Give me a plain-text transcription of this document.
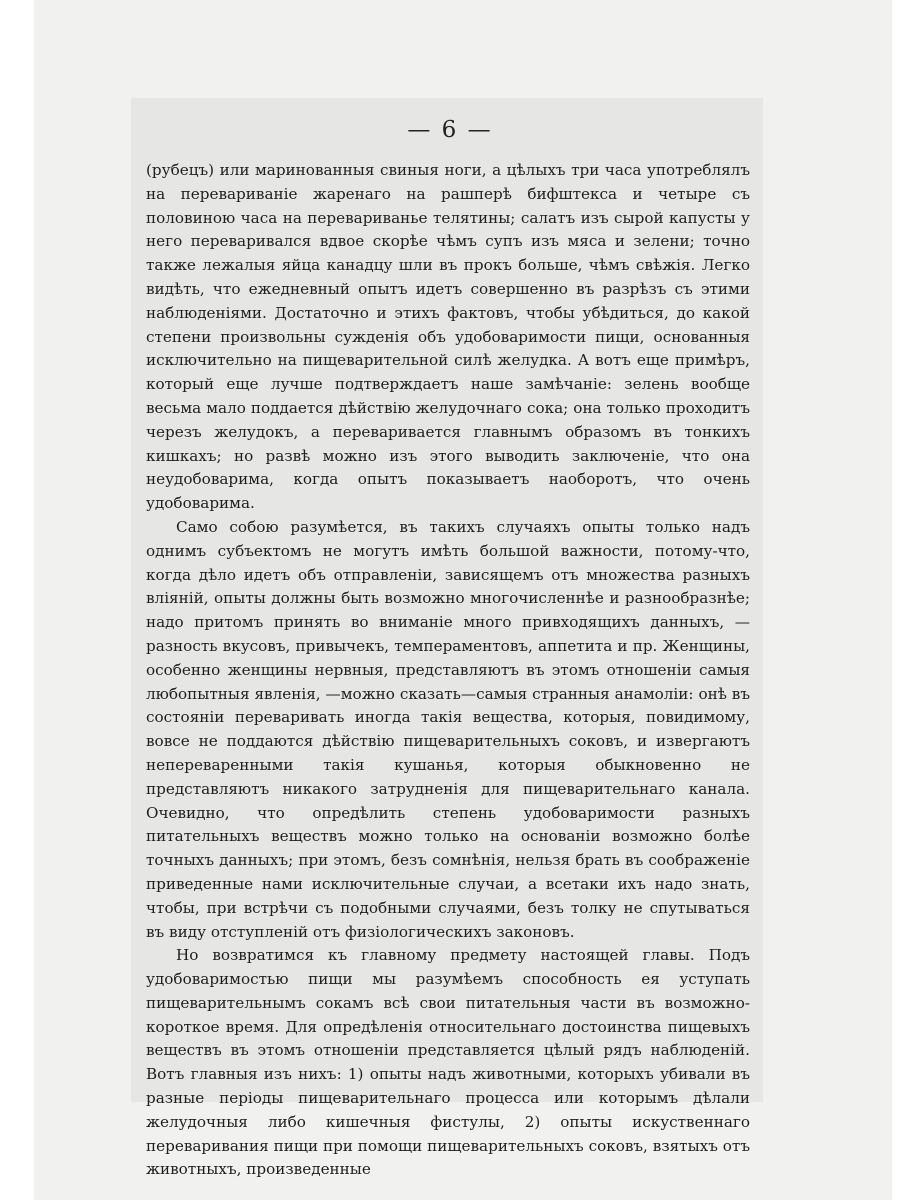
— 6 —

(рубецъ) или маринованныя свиныя ноги, а цѣлыхъ три часа употреблялъ на перевариванiе жаренаго на рашперѣ бифштекса и четыре съ половиною часа на перевариванье телятины; салатъ изъ сырой капусты у него переваривался вдвое скорѣе чѣмъ супъ изъ мяса и зелени; точно также лежалыя яйца канадцу шли въ прокъ больше, чѣмъ свѣжiя. Легко видѣть, что ежедневный опытъ идетъ совершенно въ разрѣзъ съ этими наблюденiями. Достаточно и этихъ фактовъ, чтобы убѣдиться, до какой степени произвольны сужденiя объ удобоваримости пищи, основанныя исключительно на пищеварительной силѣ желудка. А вотъ еще примѣръ, который еще лучше подтверждаетъ наше замѣчанiе: зелень вообще весьма мало поддается дѣйствiю желудочнаго сока; она только проходитъ черезъ желудокъ, а переваривается главнымъ образомъ въ тонкихъ кишкахъ; но развѣ можно изъ этого выводить заключенiе, что она неудобоварима, когда опытъ показываетъ наоборотъ, что очень удобоварима.

Само собою разумѣется, въ такихъ случаяхъ опыты только надъ однимъ субъектомъ не могутъ имѣть большой важности, потому-что, когда дѣло идетъ объ отправленiи, зависящемъ отъ множества разныхъ влiянiй, опыты должны быть возможно многочисленнѣе и разнообразнѣе; надо притомъ принять во вниманiе много привходящихъ данныхъ, —разность вкусовъ, привычекъ, темпераментовъ, аппетита и пр. Женщины, особенно женщины нервныя, представляютъ въ этомъ отношенiи самыя любопытныя явленiя, —можно сказать—самыя странныя анамолiи: онѣ въ состоянiи переваривать иногда такiя вещества, которыя, повидимому, вовсе не поддаются дѣйствiю пищеварительныхъ соковъ, и извергаютъ непереваренными такiя кушанья, которыя обыкновенно не представляютъ никакого затрудненiя для пищеварительнаго канала. Очевидно, что опредѣлить степень удобоваримости разныхъ питательныхъ веществъ можно только на основанiи возможно болѣе точныхъ данныхъ; при этомъ, безъ сомнѣнiя, нельзя брать въ соображенiе приведенные нами исключительные случаи, а всетаки ихъ надо знать, чтобы, при встрѣчи съ подобными случаями, безъ толку не спутываться въ виду отступленiй отъ физiологическихъ законовъ.

Но возвратимся къ главному предмету настоящей главы. Подъ удобоваримостью пищи мы разумѣемъ способность ея уступать пищеварительнымъ сокамъ всѣ свои питательныя части въ возможно-короткое время. Для опредѣленiя относительнаго достоинства пищевыхъ веществъ въ этомъ отношенiи представляется цѣлый рядъ наблюденiй. Вотъ главныя изъ нихъ: 1) опыты надъ животными, которыхъ убивали въ разные перiоды пищеварительнаго процесса или которымъ дѣлали желудочныя либо кишечныя фистулы, 2) опыты искуственнаго переваривания пищи при помощи пищеварительныхъ соковъ, взятыхъ отъ животныхъ, произведенные
